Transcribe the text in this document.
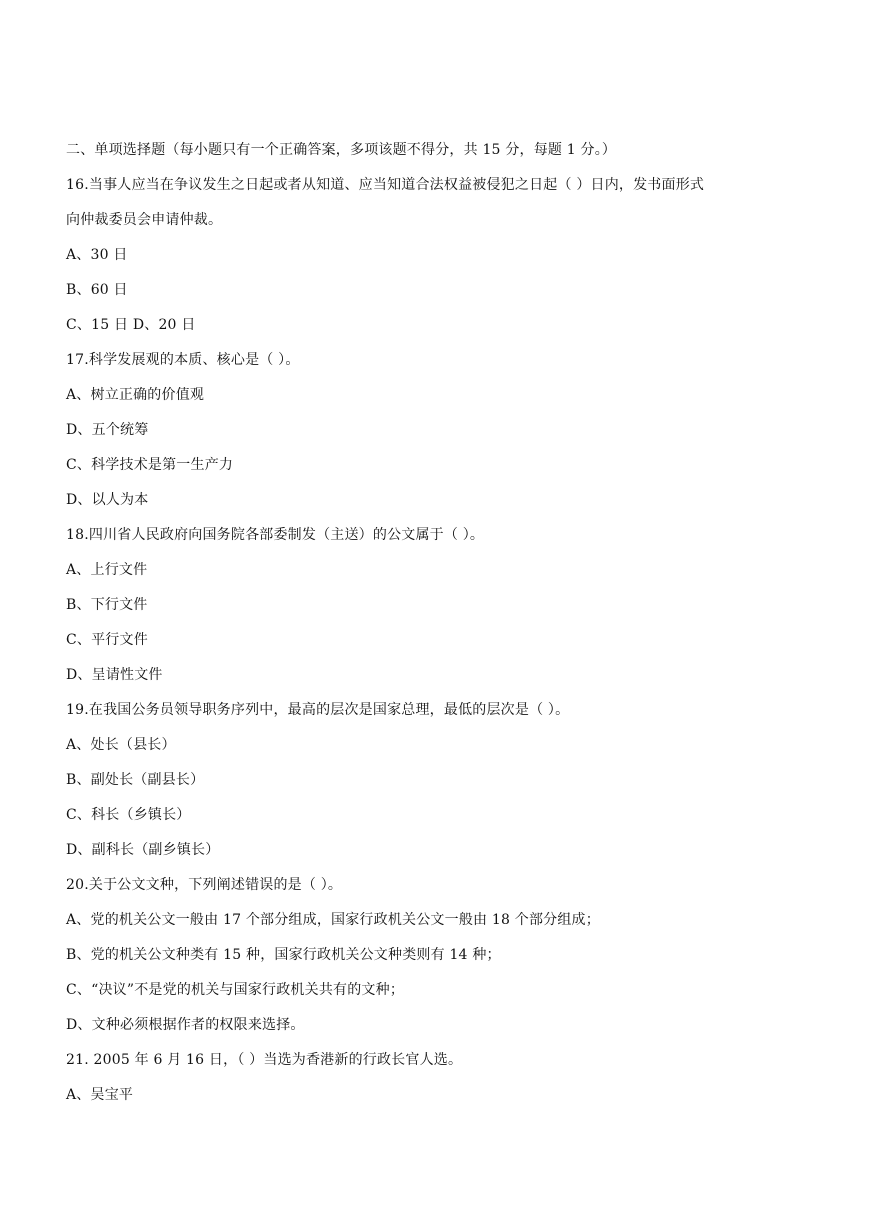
二、单项选择题（每小题只有一个正确答案，多项该题不得分，共 15 分，每题 1 分。）
16.当事人应当在争议发生之日起或者从知道、应当知道合法权益被侵犯之日起（ ）日内，发书面形式
向仲裁委员会申请仲裁。
A、30 日
B、60 日
C、15 日 D、20 日
17.科学发展观的本质、核心是（ ）。
A、树立正确的价值观
D、五个统筹
C、科学技术是第一生产力
D、以人为本
18.四川省人民政府向国务院各部委制发（主送）的公文属于（ ）。
A、上行文件
B、下行文件
C、平行文件
D、呈请性文件
19.在我国公务员领导职务序列中，最高的层次是国家总理，最低的层次是（ ）。
A、处长（县长）
B、副处长（副县长）
C、科长（乡镇长）
D、副科长（副乡镇长）
20.关于公文文种，下列阐述错误的是（ ）。
A、党的机关公文一般由 17 个部分组成，国家行政机关公文一般由 18 个部分组成；
B、党的机关公文种类有 15 种，国家行政机关公文种类则有 14 种；
C、“决议”不是党的机关与国家行政机关共有的文种；
D、文种必须根据作者的权限来选择。
21. 2005 年 6 月 16 日，（ ）当选为香港新的行政长官人选。
A、吴宝平
